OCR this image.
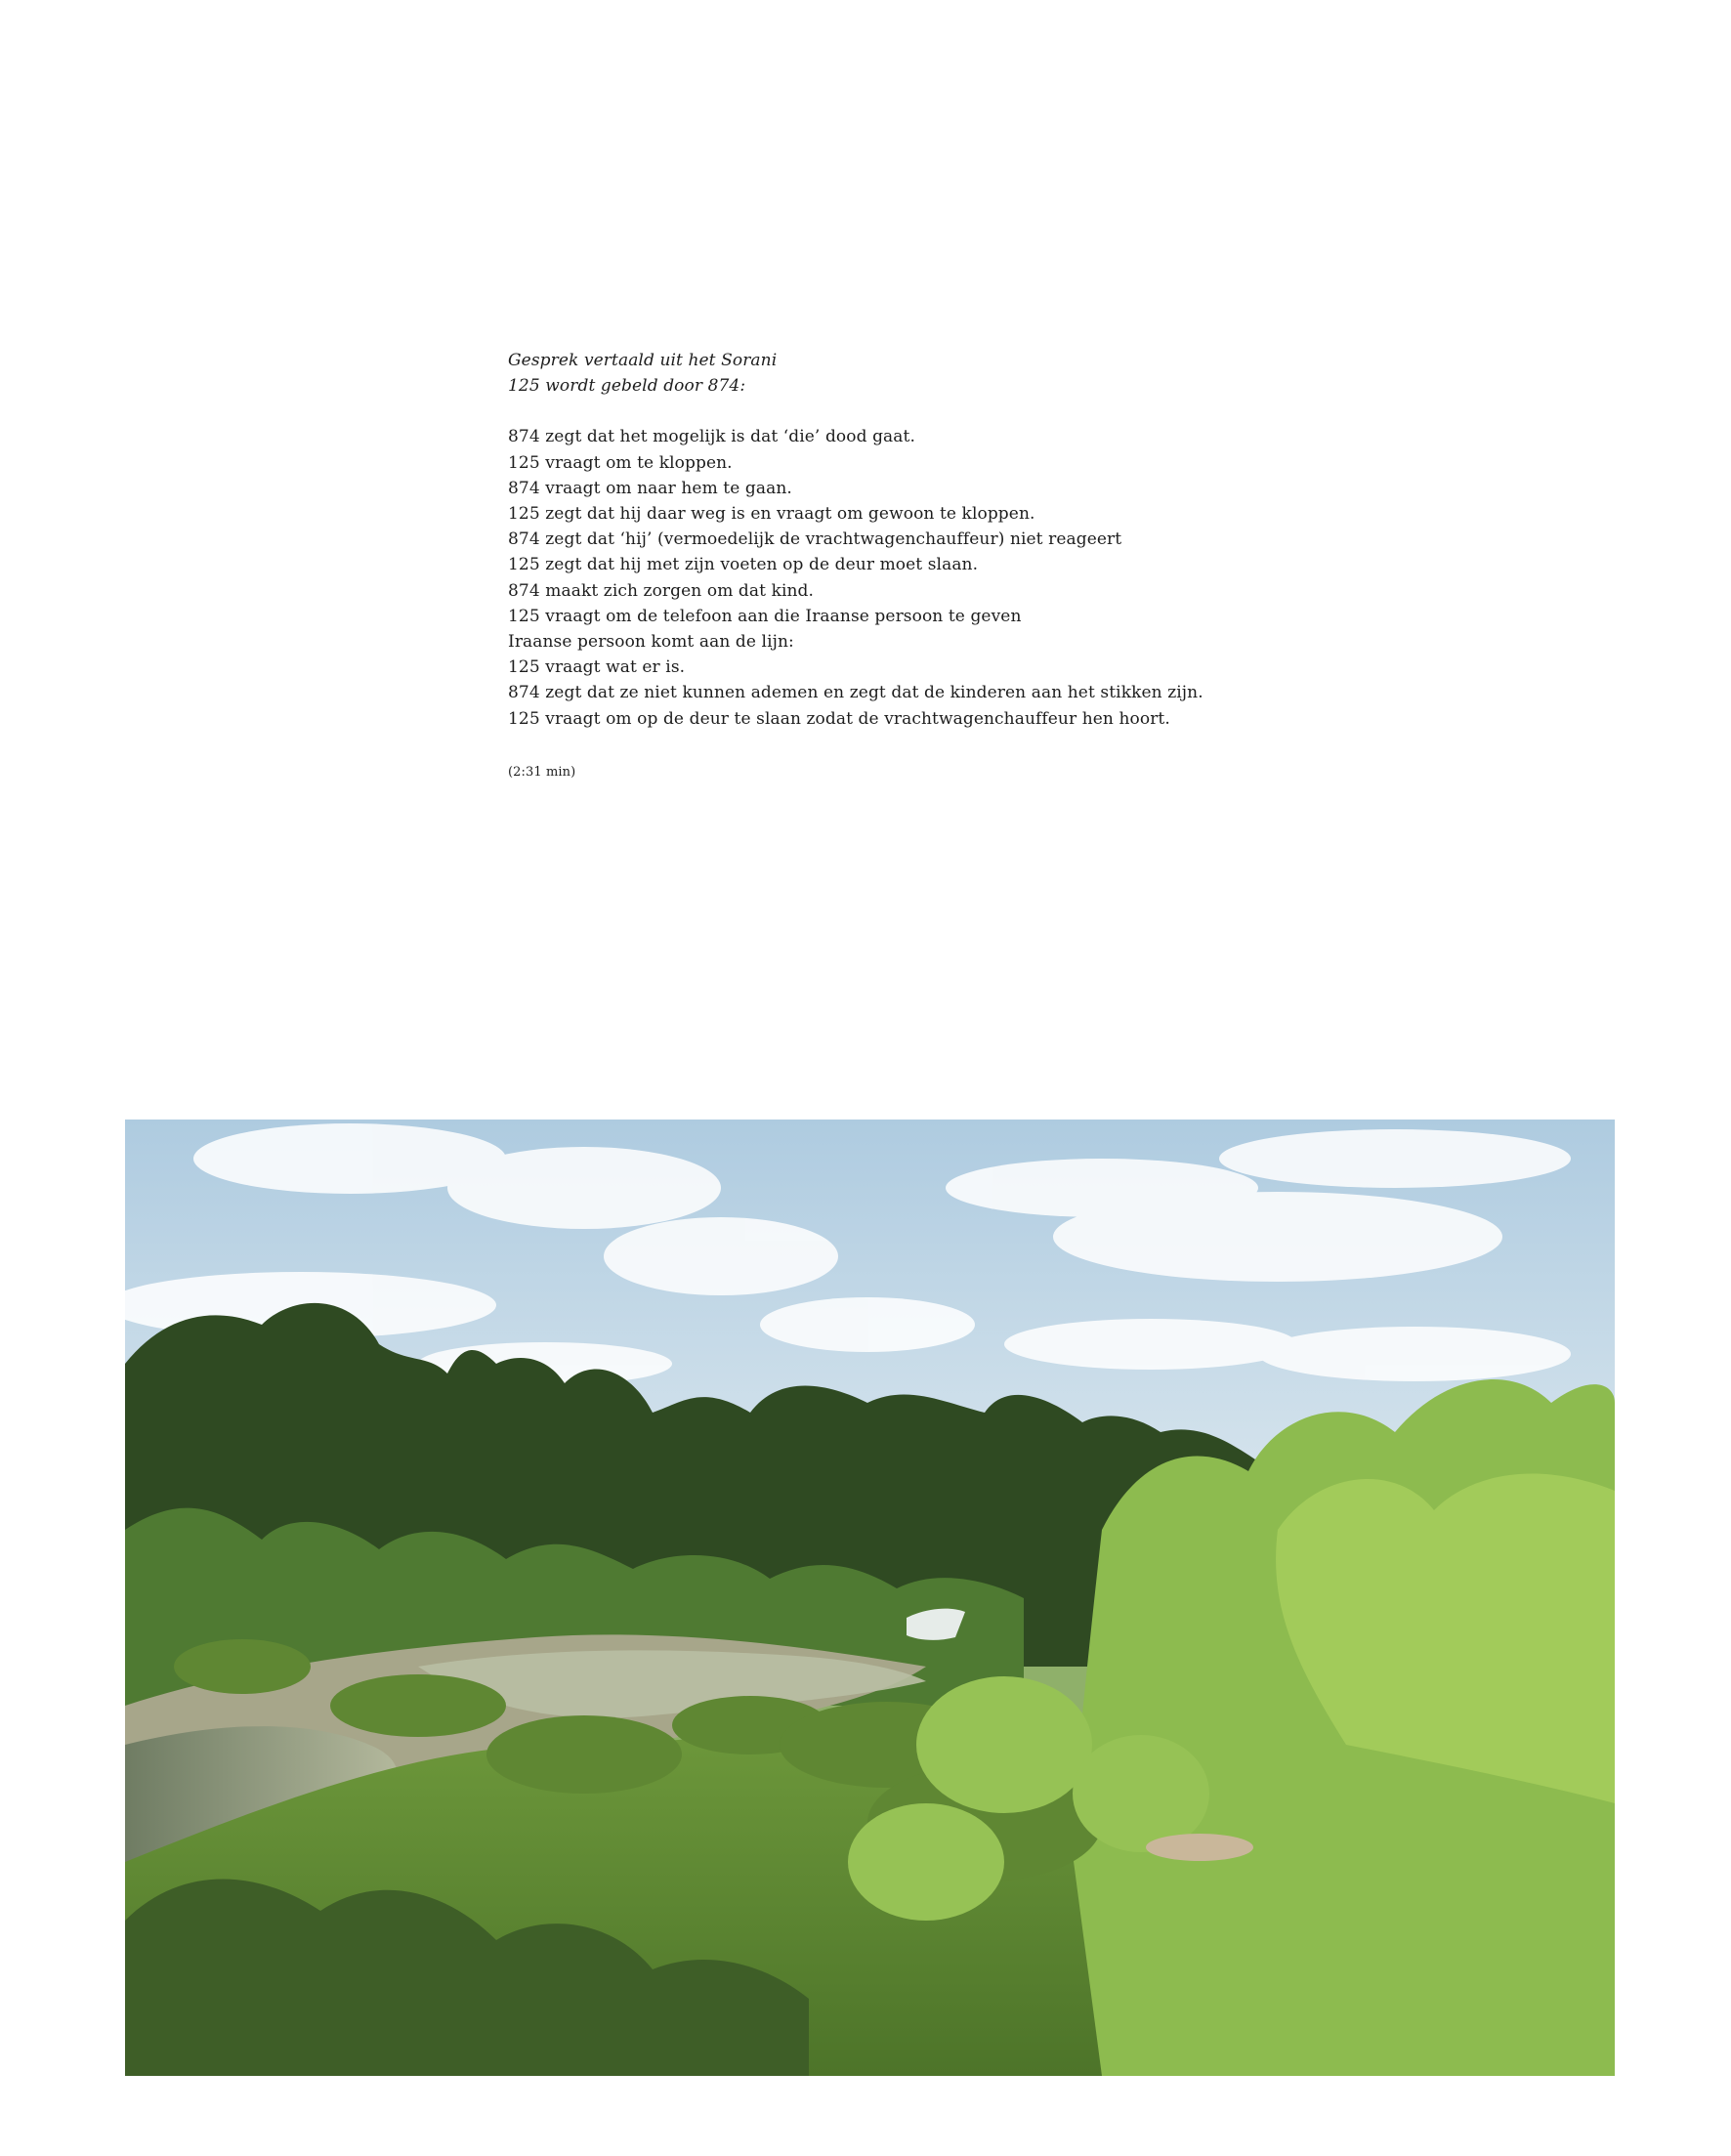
Gesprek vertaald uit het Sorani
125 wordt gebeld door 874:
874 zegt dat het mogelijk is dat ‘die’ dood gaat.
125 vraagt om te kloppen.
874 vraagt om naar hem te gaan.
125 zegt dat hij daar weg is en vraagt om gewoon te kloppen.
874 zegt dat ‘hij’ (vermoedelijk de vrachtwagenchauffeur) niet reageert
125 zegt dat hij met zijn voeten op de deur moet slaan.
874 maakt zich zorgen om dat kind.
125 vraagt om de telefoon aan die Iraanse persoon te geven
Iraanse persoon komt aan de lijn:
125 vraagt wat er is.
874 zegt dat ze niet kunnen ademen en zegt dat de kinderen aan het stikken zijn.
125 vraagt om op de deur te slaan zodat de vrachtwagenchauffeur hen hoort.
(2:31 min)
